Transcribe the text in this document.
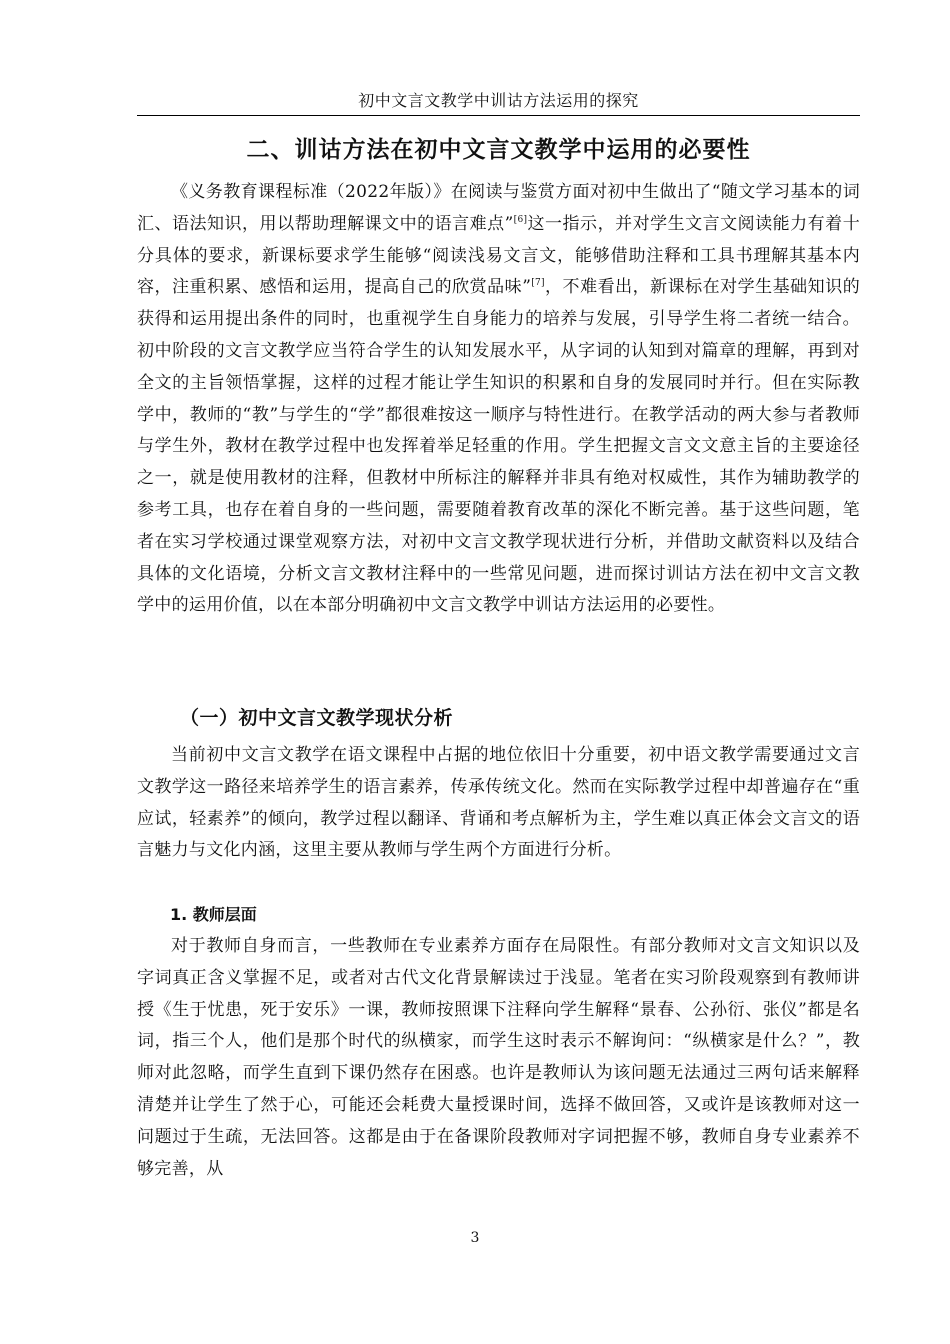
初中文言文教学中训诂方法运用的探究
二、训诂方法在初中文言文教学中运用的必要性

《义务教育课程标准（2022年版）》在阅读与鉴赏方面对初中生做出了“随文学习基本的词汇、语法知识，用以帮助理解课文中的语言难点”[6]这一指示，并对学生文言文阅读能力有着十分具体的要求，新课标要求学生能够“阅读浅易文言文，能够借助注释和工具书理解其基本内容，注重积累、感悟和运用，提高自己的欣赏品味”[7]，不难看出，新课标在对学生基础知识的获得和运用提出条件的同时，也重视学生自身能力的培养与发展，引导学生将二者统一结合。初中阶段的文言文教学应当符合学生的认知发展水平，从字词的认知到对篇章的理解，再到对全文的主旨领悟掌握，这样的过程才能让学生知识的积累和自身的发展同时并行。但在实际教学中，教师的“教”与学生的“学”都很难按这一顺序与特性进行。在教学活动的两大参与者教师与学生外，教材在教学过程中也发挥着举足轻重的作用。学生把握文言文文意主旨的主要途径之一，就是使用教材的注释，但教材中所标注的解释并非具有绝对权威性，其作为辅助教学的参考工具，也存在着自身的一些问题，需要随着教育改革的深化不断完善。基于这些问题，笔者在实习学校通过课堂观察方法，对初中文言文教学现状进行分析，并借助文献资料以及结合具体的文化语境，分析文言文教材注释中的一些常见问题，进而探讨训诂方法在初中文言文教学中的运用价值，以在本部分明确初中文言文教学中训诂方法运用的必要性。

（一）初中文言文教学现状分析

当前初中文言文教学在语文课程中占据的地位依旧十分重要，初中语文教学需要通过文言文教学这一路径来培养学生的语言素养，传承传统文化。然而在实际教学过程中却普遍存在“重应试，轻素养”的倾向，教学过程以翻译、背诵和考点解析为主，学生难以真正体会文言文的语言魅力与文化内涵，这里主要从教师与学生两个方面进行分析。

1. 教师层面

对于教师自身而言，一些教师在专业素养方面存在局限性。有部分教师对文言文知识以及字词真正含义掌握不足，或者对古代文化背景解读过于浅显。笔者在实习阶段观察到有教师讲授《生于忧患，死于安乐》一课，教师按照课下注释向学生解释“景春、公孙衍、张仪”都是名词，指三个人，他们是那个时代的纵横家，而学生这时表示不解询问：“纵横家是什么？”，教师对此忽略，而学生直到下课仍然存在困惑。也许是教师认为该问题无法通过三两句话来解释清楚并让学生了然于心，可能还会耗费大量授课时间，选择不做回答，又或许是该教师对这一问题过于生疏，无法回答。这都是由于在备课阶段教师对字词把握不够，教师自身专业素养不够完善，从

3
